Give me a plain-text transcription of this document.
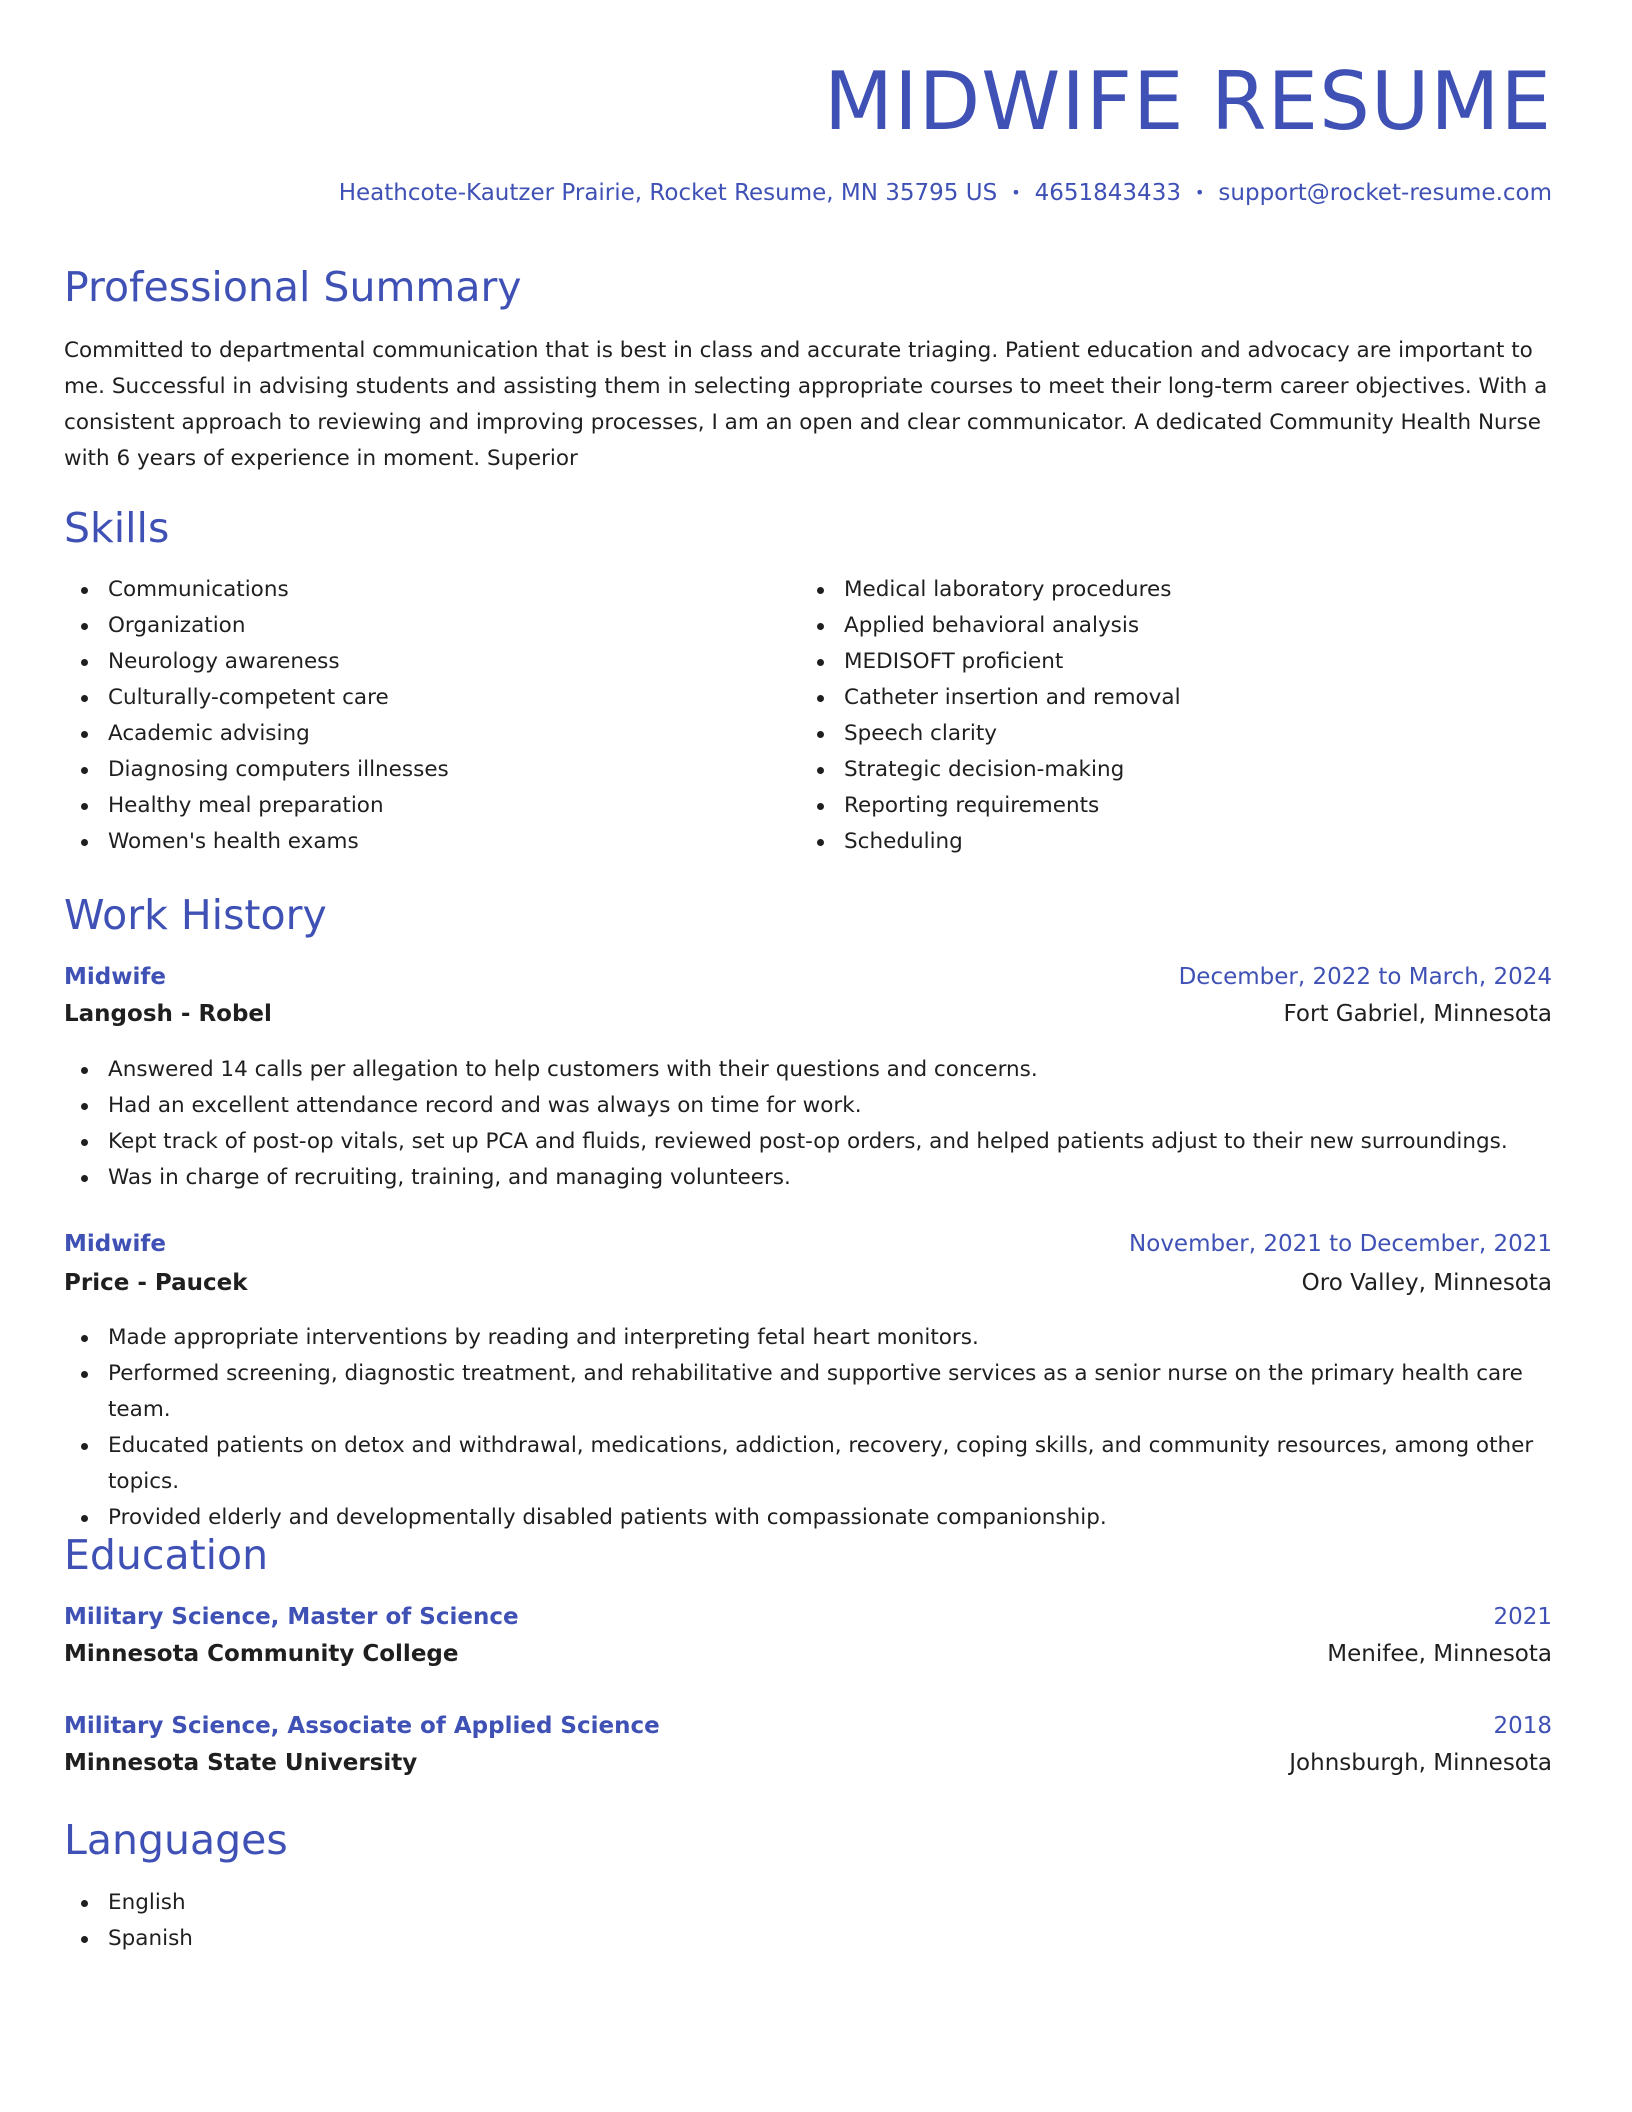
MIDWIFE RESUME
Heathcote-Kautzer Prairie, Rocket Resume, MN 35795 US • 4651843433 • support@rocket-resume.com
Professional Summary

Committed to departmental communication that is best in class and accurate triaging. Patient education and advocacy are important to me. Successful in advising students and assisting them in selecting appropriate courses to meet their long-term career objectives. With a consistent approach to reviewing and improving processes, I am an open and clear communicator. A dedicated Community Health Nurse with 6 years of experience in moment. Superior

Skills
Communications
Organization
Neurology awareness
Culturally-competent care
Academic advising
Diagnosing computers illnesses
Healthy meal preparation
Women's health exams
Medical laboratory procedures
Applied behavioral analysis
MEDISOFT proficient
Catheter insertion and removal
Speech clarity
Strategic decision-making
Reporting requirements
Scheduling
Work History
Midwife	December, 2022 to March, 2024
Langosh - Robel	Fort Gabriel, Minnesota
Answered 14 calls per allegation to help customers with their questions and concerns.
Had an excellent attendance record and was always on time for work.
Kept track of post-op vitals, set up PCA and fluids, reviewed post-op orders, and helped patients adjust to their new surroundings.
Was in charge of recruiting, training, and managing volunteers.
Midwife	November, 2021 to December, 2021
Price - Paucek	Oro Valley, Minnesota
Made appropriate interventions by reading and interpreting fetal heart monitors.
Performed screening, diagnostic treatment, and rehabilitative and supportive services as a senior nurse on the primary health care team.
Educated patients on detox and withdrawal, medications, addiction, recovery, coping skills, and community resources, among other topics.
Provided elderly and developmentally disabled patients with compassionate companionship.
Education
Military Science, Master of Science	2021
Minnesota Community College	Menifee, Minnesota
Military Science, Associate of Applied Science	2018
Minnesota State University	Johnsburgh, Minnesota
Languages
English
Spanish
